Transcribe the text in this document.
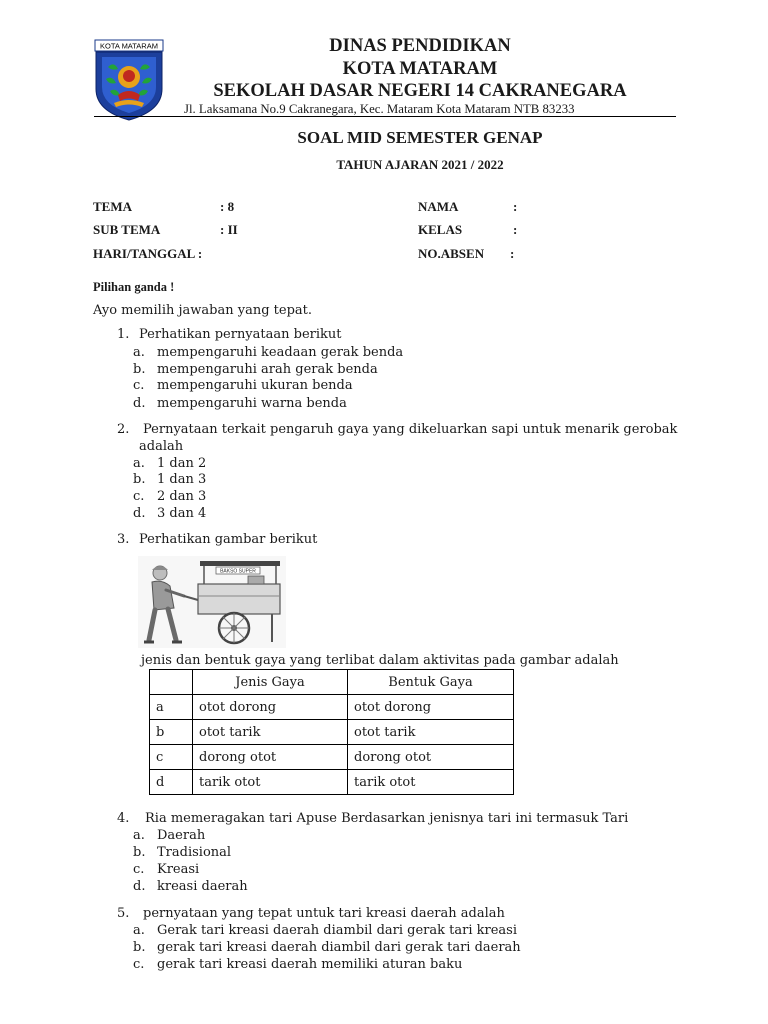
KOTA MATARAM	DINAS PENDIDIKAN
KOTA MATARAM
SEKOLAH DASAR NEGERI 14 CAKRANEGARA
Jl. Laksamana No.9 Cakranegara, Kec. Mataram Kota Mataram NTB 83233
SOAL MID SEMESTER GENAP
TAHUN AJARAN 2021 / 2022
TEMA	: 8
SUB TEMA	: II
HARI/TANGGAL :
NAMA	:
KELAS	:
NO.ABSEN :
Pilihan ganda !
Ayo memilih jawaban yang tepat.
1. Perhatikan pernyataan berikut
a. mempengaruhi keadaan gerak benda
b. mempengaruhi arah gerak benda
c. mempengaruhi ukuran benda
d. mempengaruhi warna benda
2. Pernyataan terkait pengaruh gaya yang dikeluarkan sapi untuk menarik gerobak
adalah
a. 1 dan 2
b. 1 dan 3
c. 2 dan 3
d. 3 dan 4
3. Perhatikan gambar berikut
BAKSO SUPER
jenis dan bentuk gaya yang terlibat dalam aktivitas pada gambar adalah
	Jenis Gaya	Bentuk Gaya
a	otot dorong	otot dorong
b	otot tarik	otot tarik
c	dorong otot	dorong otot
d	tarik otot	tarik otot
4. Ria memeragakan tari Apuse Berdasarkan jenisnya tari ini termasuk Tari
a. Daerah
b. Tradisional
c. Kreasi
d. kreasi daerah
5. pernyataan yang tepat untuk tari kreasi daerah adalah
a. Gerak tari kreasi daerah diambil dari gerak tari kreasi
b. gerak tari kreasi daerah diambil dari gerak tari daerah
c. gerak tari kreasi daerah memiliki aturan baku
